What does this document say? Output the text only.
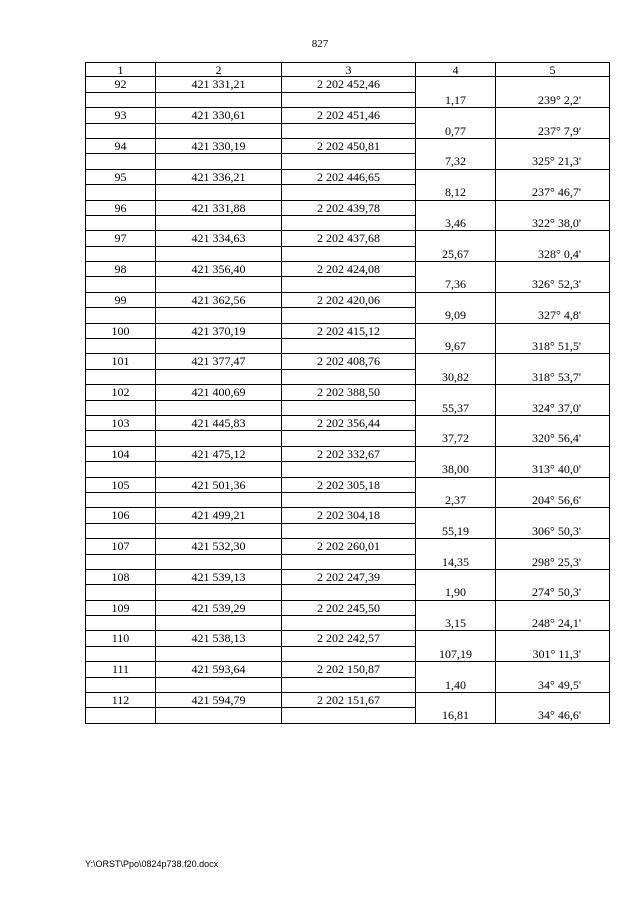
827
1	2	3	4	5
92	421 331,21	2 202 452,46
1,17	239° 2,2'
93	421 330,61	2 202 451,46
0,77	237° 7,9'
94	421 330,19	2 202 450,81
7,32	325° 21,3'
95	421 336,21	2 202 446,65
8,12	237° 46,7'
96	421 331,88	2 202 439,78
3,46	322° 38,0'
97	421 334,63	2 202 437,68
25,67	328° 0,4'
98	421 356,40	2 202 424,08
7,36	326° 52,3'
99	421 362,56	2 202 420,06
9,09	327° 4,8'
100	421 370,19	2 202 415,12
9,67	318° 51,5'
101	421 377,47	2 202 408,76
30,82	318° 53,7'
102	421 400,69	2 202 388,50
55,37	324° 37,0'
103	421 445,83	2 202 356,44
37,72	320° 56,4'
104	421 475,12	2 202 332,67
38,00	313° 40,0'
105	421 501,36	2 202 305,18
2,37	204° 56,6'
106	421 499,21	2 202 304,18
55,19	306° 50,3'
107	421 532,30	2 202 260,01
14,35	298° 25,3'
108	421 539,13	2 202 247,39
1,90	274° 50,3'
109	421 539,29	2 202 245,50
3,15	248° 24,1'
110	421 538,13	2 202 242,57
107,19	301° 11,3'
111	421 593,64	2 202 150,87
1,40	34° 49,5'
112	421 594,79	2 202 151,67
16,81	34° 46,6'
Y:\ORST\Ppo\0824p738.f20.docx
